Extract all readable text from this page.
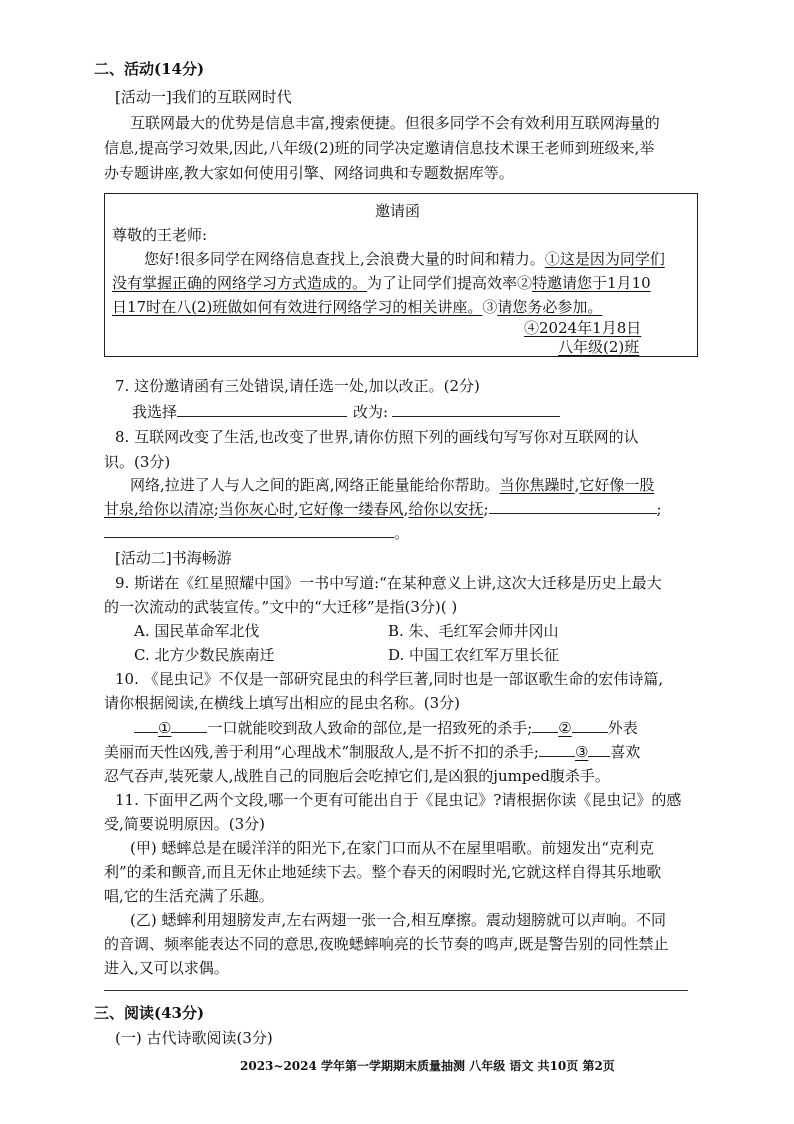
二、活动(14分)
[活动一]我们的互联网时代
互联网最大的优势是信息丰富,搜索便捷。但很多同学不会有效利用互联网海量的
信息,提高学习效果,因此,八年级(2)班的同学决定邀请信息技术课王老师到班级来,举
办专题讲座,教大家如何使用引擎、网络词典和专题数据库等。
邀请函
尊敬的王老师:
您好!很多同学在网络信息查找上,会浪费大量的时间和精力。①这是因为同学们
没有掌握正确的网络学习方式造成的。为了让同学们提高效率②特邀请您于1月10
日17时在八(2)班做如何有效进行网络学习的相关讲座。③请您务必参加。
④2024年1月8日
八年级(2)班
7. 这份邀请函有三处错误,请任选一处,加以改正。(2分)
我选择	改为:
8. 互联网改变了生活,也改变了世界,请你仿照下列的画线句写写你对互联网的认
识。(3分)
网络,拉进了人与人之间的距离,网络正能量能给你帮助。当你焦躁时,它好像一股
甘泉,给你以清凉;当你灰心时,它好像一缕春风,给你以安抚;	;
。
[活动二]书海畅游
9. 斯诺在《红星照耀中国》一书中写道:“在某种意义上讲,这次大迁移是历史上最大
的一次流动的武装宣传。”文中的“大迁移”是指(3分)( )
A. 国民革命军北伐	B. 朱、毛红军会师井冈山
C. 北方少数民族南迁	D. 中国工农红军万里长征
10. 《昆虫记》不仅是一部研究昆虫的科学巨著,同时也是一部讴歌生命的宏伟诗篇,
请你根据阅读,在横线上填写出相应的昆虫名称。(3分)
① 一口就能咬到敌人致命的部位,是一招致死的杀手; ② 外表
美丽而天性凶残,善于利用“心理战术”制服敌人,是不折不扣的杀手; ③ 喜欢
忍气吞声,装死蒙人,战胜自己的同胞后会吃掉它们,是凶狠的jumped腹杀手。
11. 下面甲乙两个文段,哪一个更有可能出自于《昆虫记》?请根据你读《昆虫记》的感
受,简要说明原因。(3分)
(甲) 蟋蟀总是在暖洋洋的阳光下,在家门口而从不在屋里唱歌。前翅发出“克利克
利”的柔和颤音,而且无休止地延续下去。整个春天的闲暇时光,它就这样自得其乐地歌
唱,它的生活充满了乐趣。
(乙) 蟋蟀利用翅膀发声,左右两翅一张一合,相互摩擦。震动翅膀就可以声响。不同
的音调、频率能表达不同的意思,夜晚蟋蟀响亮的长节奏的鸣声,既是警告别的同性禁止
进入,又可以求偶。
三、阅读(43分)
(一) 古代诗歌阅读(3分)
2023~2024 学年第一学期期末质量抽测 八年级 语文 共10页 第2页
